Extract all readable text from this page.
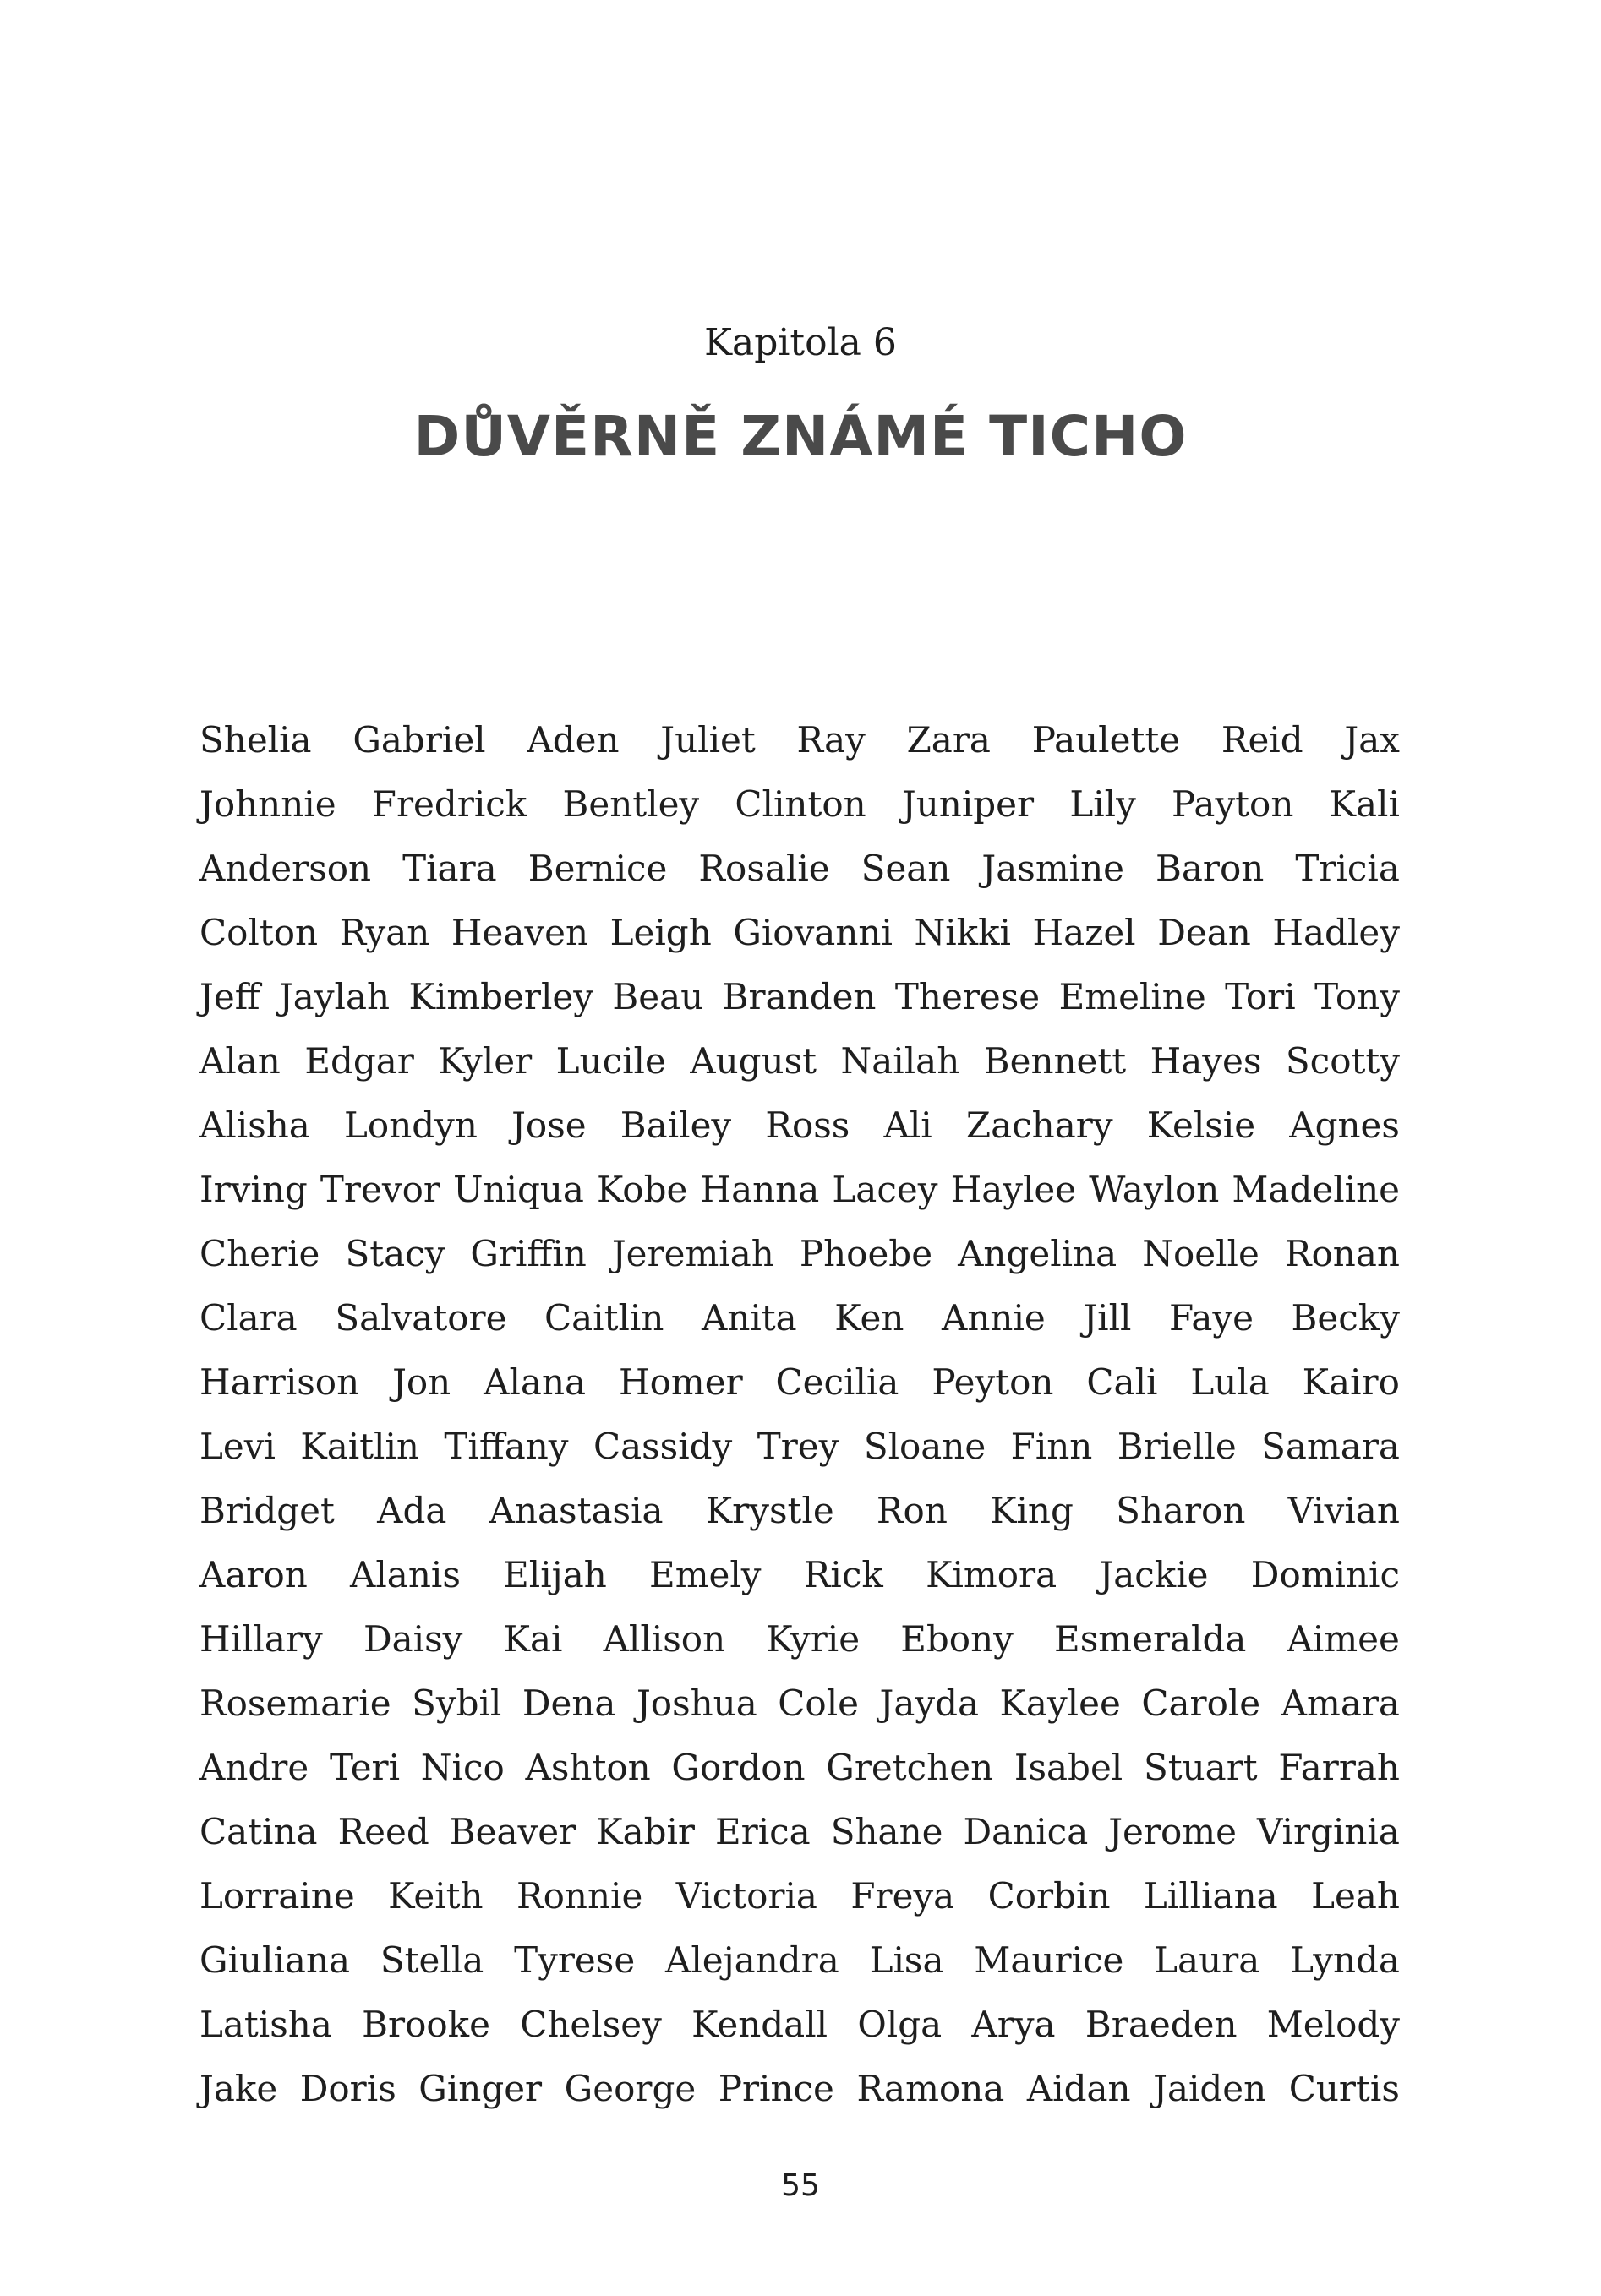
Kapitola 6
DŮVĚRNĚ ZNÁMÉ TICHO
Shelia Gabriel Aden Juliet Ray Zara Paulette Reid Jax
Johnnie Fredrick Bentley Clinton Juniper Lily Payton Kali
Anderson Tiara Bernice Rosalie Sean Jasmine Baron Tricia
Colton Ryan Heaven Leigh Giovanni Nikki Hazel Dean Hadley
Jeff Jaylah Kimberley Beau Branden Therese Emeline Tori Tony
Alan Edgar Kyler Lucile August Nailah Bennett Hayes Scotty
Alisha Londyn Jose Bailey Ross Ali Zachary Kelsie Agnes
Irving Trevor Uniqua Kobe Hanna Lacey Haylee Waylon Madeline
Cherie Stacy Griffin Jeremiah Phoebe Angelina Noelle Ronan
Clara Salvatore Caitlin Anita Ken Annie Jill Faye Becky
Harrison Jon Alana Homer Cecilia Peyton Cali Lula Kairo
Levi Kaitlin Tiffany Cassidy Trey Sloane Finn Brielle Samara
Bridget Ada Anastasia Krystle Ron King Sharon Vivian
Aaron Alanis Elijah Emely Rick Kimora Jackie Dominic
Hillary Daisy Kai Allison Kyrie Ebony Esmeralda Aimee
Rosemarie Sybil Dena Joshua Cole Jayda Kaylee Carole Amara
Andre Teri Nico Ashton Gordon Gretchen Isabel Stuart Farrah
Catina Reed Beaver Kabir Erica Shane Danica Jerome Virginia
Lorraine Keith Ronnie Victoria Freya Corbin Lilliana Leah
Giuliana Stella Tyrese Alejandra Lisa Maurice Laura Lynda
Latisha Brooke Chelsey Kendall Olga Arya Braeden Melody
Jake Doris Ginger George Prince Ramona Aidan Jaiden Curtis
55
